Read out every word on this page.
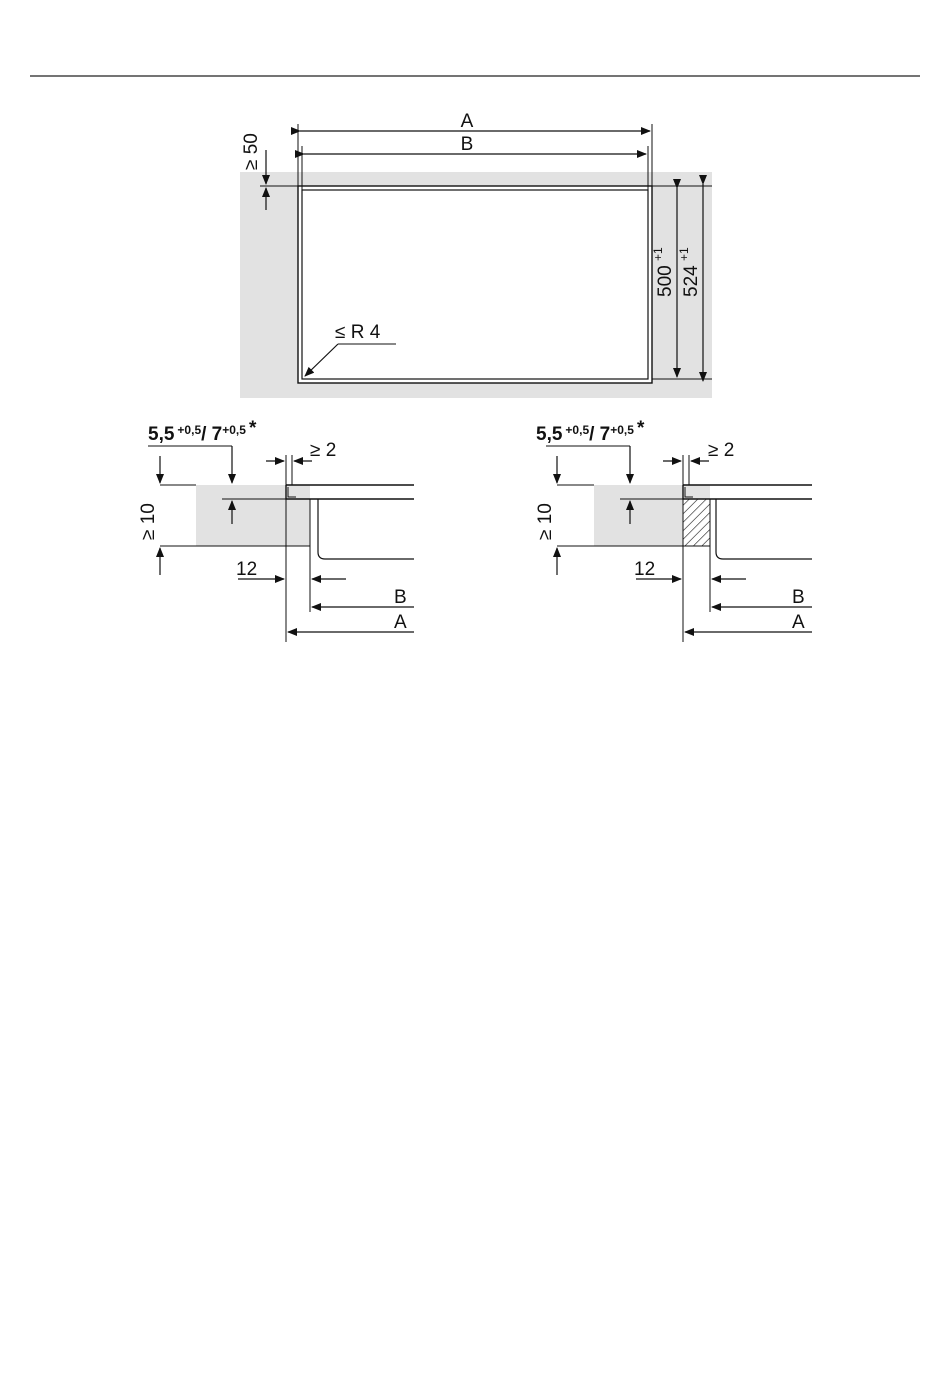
A
B
≥ 50
500
+1
524
+1
≤ R 4
5,5 $^{+0,5}$/ $7^{+0,5}$ *
≥ 2
≥ 10
12
B
A
5,5 $^{+0,5}$/ $7^{+0,5}$ *
≥ 2
≥ 10
12
B
A
